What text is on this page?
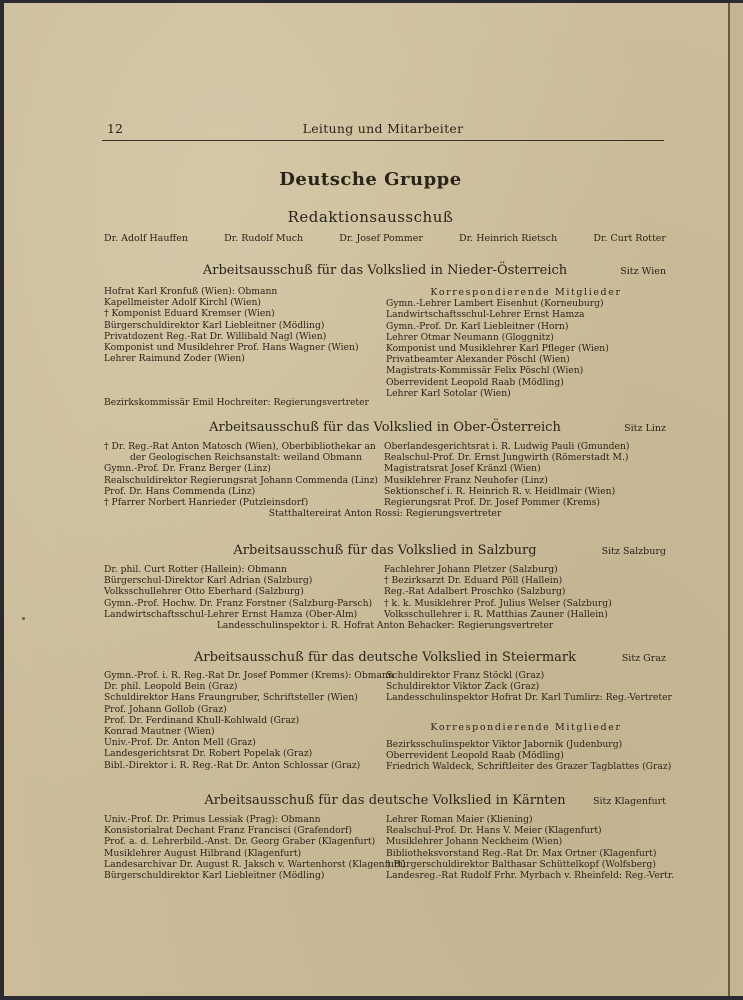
12	Leitung und Mitarbeiter
Deutsche Gruppe
Redaktionsausschuß
Dr. Adolf Hauffen	Dr. Rudolf Much	Dr. Josef Pommer	Dr. Heinrich Rietsch	Dr. Curt Rotter
Arbeitsausschuß für das Volkslied in Nieder-Österreich	Sitz Wien
Hofrat Karl Kronfuß (Wien): Obmann
Kapellmeister Adolf Kirchl (Wien)
† Komponist Eduard Kremser (Wien)
Bürgerschuldirektor Karl Liebleitner (Mödling)
Privatdozent Reg.-Rat Dr. Willibald Nagl (Wien)
Komponist und Musiklehrer Prof. Hans Wagner (Wien)
Lehrer Raimund Zoder (Wien)
Bezirkskommissär Emil Hochreiter: Regierungsvertreter
Korrespondierende Mitglieder
Gymn.-Lehrer Lambert Eisenhut (Korneuburg)
Landwirtschaftsschul-Lehrer Ernst Hamza
Gymn.-Prof. Dr. Karl Liebleitner (Horn)
Lehrer Otmar Neumann (Gloggnitz)
Komponist und Musiklehrer Karl Pfleger (Wien)
Privatbeamter Alexander Pöschl (Wien)
Magistrats-Kommissär Felix Pöschl (Wien)
Oberrevident Leopold Raab (Mödling)
Lehrer Karl Sotolar (Wien)
Arbeitsausschuß für das Volkslied in Ober-Österreich	Sitz Linz
† Dr. Reg.-Rat Anton Matosch (Wien), Oberbibliothekar an
der Geologischen Reichsanstalt: weiland Obmann
Gymn.-Prof. Dr. Franz Berger (Linz)
Realschuldirektor Regierungsrat Johann Commenda (Linz)
Prof. Dr. Hans Commenda (Linz)
† Pfarrer Norbert Hanrieder (Putzleinsdorf)
Oberlandesgerichtsrat i. R. Ludwig Pauli (Gmunden)
Realschul-Prof. Dr. Ernst Jungwirth (Römerstadt M.)
Magistratsrat Josef Kränzl (Wien)
Musiklehrer Franz Neuhofer (Linz)
Sektionschef i. R. Heinrich R. v. Heidlmair (Wien)
Regierungsrat Prof. Dr. Josef Pommer (Krems)
Statthaltereirat Anton Rossi: Regierungsvertreter
Arbeitsausschuß für das Volkslied in Salzburg	Sitz Salzburg
Dr. phil. Curt Rotter (Hallein): Obmann
Bürgerschul-Direktor Karl Adrian (Salzburg)
Volksschullehrer Otto Eberhard (Salzburg)
Gymn.-Prof. Hochw. Dr. Franz Forstner (Salzburg-Parsch)
Landwirtschaftsschul-Lehrer Ernst Hamza (Ober-Alm)
Fachlehrer Johann Pletzer (Salzburg)
† Bezirksarzt Dr. Eduard Pöll (Hallein)
Reg.-Rat Adalbert Proschko (Salzburg)
† k. k. Musiklehrer Prof. Julius Welser (Salzburg)
Volksschullehrer i. R. Matthias Zauner (Hallein)
Landesschulinspektor i. R. Hofrat Anton Behacker: Regierungsvertreter
Arbeitsausschuß für das deutsche Volkslied in Steiermark	Sitz Graz
Gymn.-Prof. i. R. Reg.-Rat Dr. Josef Pommer (Krems): Obmann
Dr. phil. Leopold Bein (Graz)
Schuldirektor Hans Fraungruber, Schriftsteller (Wien)
Prof. Johann Gollob (Graz)
Prof. Dr. Ferdinand Khull-Kohlwald (Graz)
Konrad Mautner (Wien)
Univ.-Prof. Dr. Anton Mell (Graz)
Landesgerichtsrat Dr. Robert Popelak (Graz)
Bibl.-Direktor i. R. Reg.-Rat Dr. Anton Schlossar (Graz)
Schuldirektor Franz Stöckl (Graz)
Schuldirektor Viktor Zack (Graz)
Landesschulinspektor Hofrat Dr. Karl Tumlirz: Reg.-Vertreter
Korrespondierende Mitglieder
Bezirksschulinspektor Viktor Jabornik (Judenburg)
Oberrevident Leopold Raab (Mödling)
Friedrich Waldeck, Schriftleiter des Grazer Tagblattes (Graz)
Arbeitsausschuß für das deutsche Volkslied in Kärnten	Sitz Klagenfurt
Univ.-Prof. Dr. Primus Lessiak (Prag): Obmann
Konsistorialrat Dechant Franz Francisci (Grafendorf)
Prof. a. d. Lehrerbild.-Anst. Dr. Georg Graber (Klagenfurt)
Musiklehrer August Hilbrand (Klagenfurt)
Landesarchivar Dr. August R. Jaksch v. Wartenhorst (Klagenfurt)
Bürgerschuldirektor Karl Liebleitner (Mödling)
Lehrer Roman Maier (Kliening)
Realschul-Prof. Dr. Hans V. Meier (Klagenfurt)
Musiklehrer Johann Neckheim (Wien)
Bibliotheksvorstand Reg.-Rat Dr. Max Ortner (Klagenfurt)
† Bürgerschuldirektor Balthasar Schüttelkopf (Wolfsberg)
Landesreg.-Rat Rudolf Frhr. Myrbach v. Rheinfeld: Reg.-Vertr.
